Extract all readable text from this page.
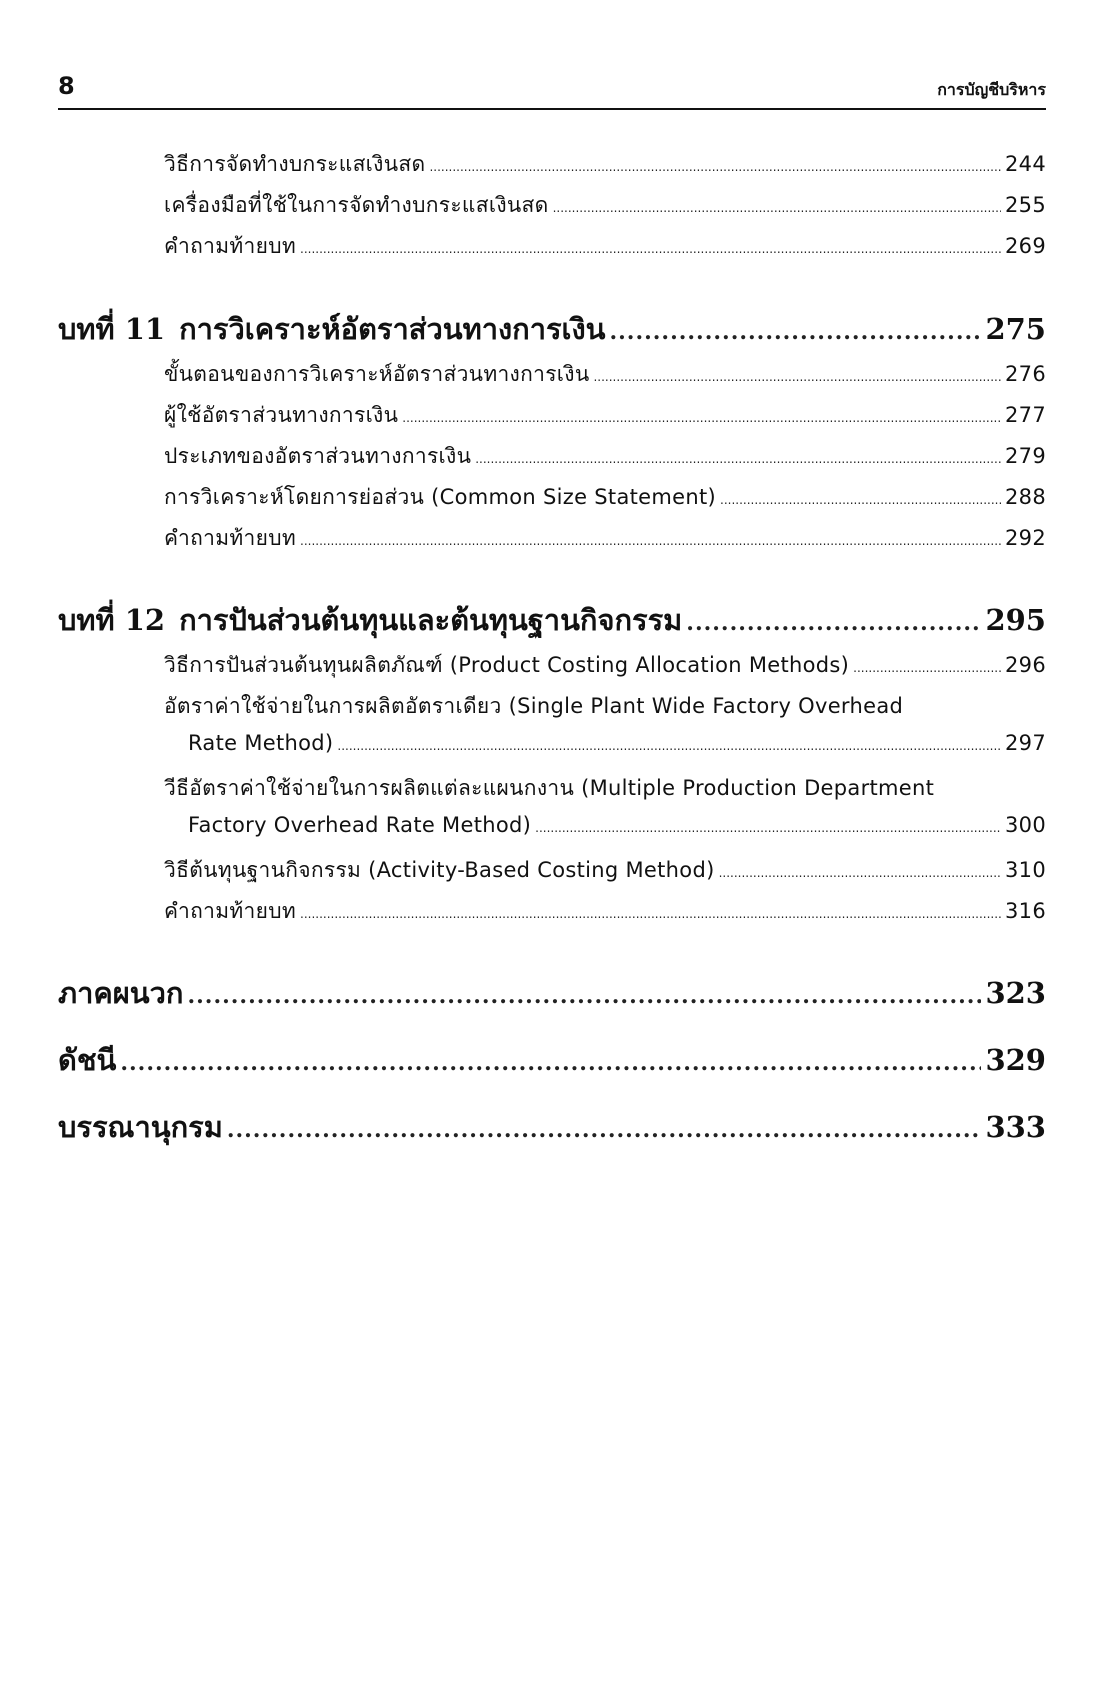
8	การบัญชีบริหาร
วิธีการจัดทำงบกระแสเงินสด .....	244
เครื่องมือที่ใช้ในการจัดทำงบกระแสเงินสด .....	255
คำถามท้ายบท .....	269
บทที่ 11 การวิเคราะห์อัตราส่วนทางการเงิน .....	275
ขั้นตอนของการวิเคราะห์อัตราส่วนทางการเงิน .....	276
ผู้ใช้อัตราส่วนทางการเงิน .....	277
ประเภทของอัตราส่วนทางการเงิน .....	279
การวิเคราะห์โดยการย่อส่วน (Common Size Statement) .....	288
คำถามท้ายบท .....	292
บทที่ 12 การปันส่วนต้นทุนและต้นทุนฐานกิจกรรม .....	295
วิธีการปันส่วนต้นทุนผลิตภัณฑ์ (Product Costing Allocation Methods) .....	296
อัตราค่าใช้จ่ายในการผลิตอัตราเดียว (Single Plant Wide Factory Overhead
Rate Method) .....	297
วีธีอัตราค่าใช้จ่ายในการผลิตแต่ละแผนกงาน (Multiple Production Department
Factory Overhead Rate Method) .....	300
วิธีต้นทุนฐานกิจกรรม (Activity-Based Costing Method) .....	310
คำถามท้ายบท .....	316
ภาคผนวก .....	323
ดัชนี .....	329
บรรณานุกรม .....	333
